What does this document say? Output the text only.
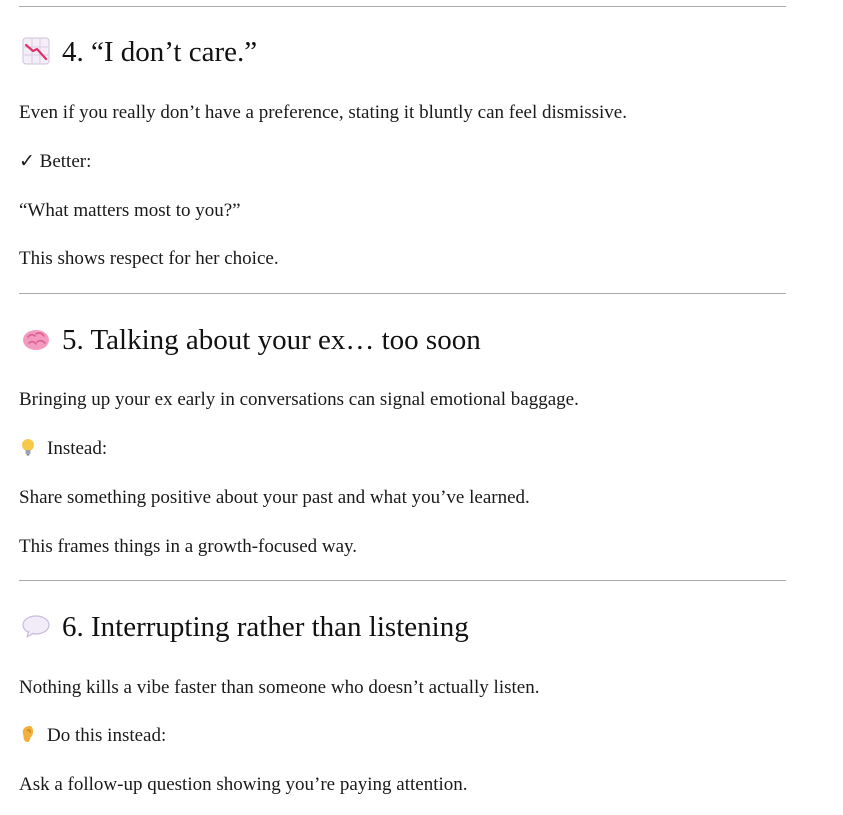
4. “I don’t care.”
Even if you really don’t have a preference, stating it bluntly can feel dismissive.
✓ Better:
“What matters most to you?”
This shows respect for her choice.
5. Talking about your ex… too soon
Bringing up your ex early in conversations can signal emotional baggage.
Instead:
Share something positive about your past and what you’ve learned.
This frames things in a growth-focused way.
6. Interrupting rather than listening
Nothing kills a vibe faster than someone who doesn’t actually listen.
Do this instead:
Ask a follow-up question showing you’re paying attention.
